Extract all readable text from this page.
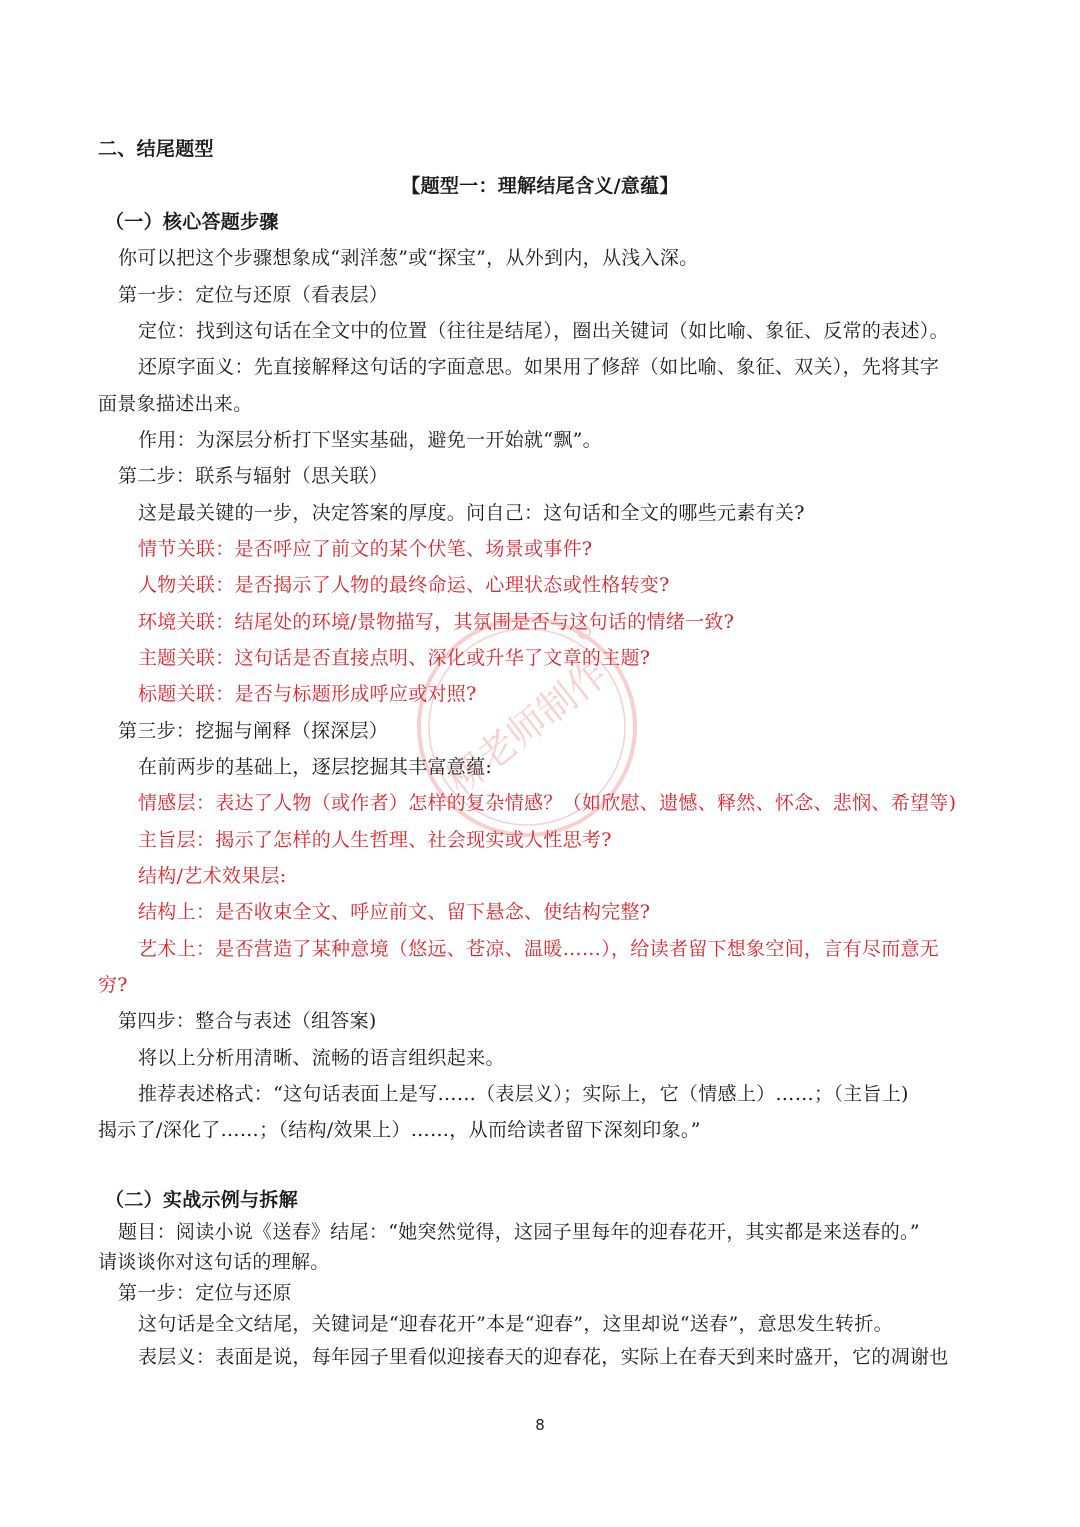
二、结尾题型
【题型一：理解结尾含义/意蕴】
（一）核心答题步骤
你可以把这个步骤想象成“剥洋葱”或“探宝”，从外到内，从浅入深。
第一步：定位与还原（看表层）
定位：找到这句话在全文中的位置（往往是结尾），圈出关键词（如比喻、象征、反常的表述）。
还原字面义：先直接解释这句话的字面意思。如果用了修辞（如比喻、象征、双关），先将其字
面景象描述出来。
作用：为深层分析打下坚实基础，避免一开始就“飘”。
第二步：联系与辐射（思关联）
这是最关键的一步，决定答案的厚度。问自己：这句话和全文的哪些元素有关?
情节关联：是否呼应了前文的某个伏笔、场景或事件?
人物关联：是否揭示了人物的最终命运、心理状态或性格转变?
环境关联：结尾处的环境/景物描写，其氛围是否与这句话的情绪一致?
主题关联：这句话是否直接点明、深化或升华了文章的主题?
标题关联：是否与标题形成呼应或对照?
第三步：挖掘与阐释（探深层）
在前两步的基础上，逐层挖掘其丰富意蕴:
情感层：表达了人物（或作者）怎样的复杂情感？（如欣慰、遗憾、释然、怀念、悲悯、希望等)
主旨层：揭示了怎样的人生哲理、社会现实或人性思考?
结构/艺术效果层:
结构上：是否收束全文、呼应前文、留下悬念、使结构完整?
艺术上：是否营造了某种意境（悠远、苍凉、温暖……），给读者留下想象空间，言有尽而意无
穷?
第四步：整合与表述（组答案)
将以上分析用清晰、流畅的语言组织起来。
推荐表述格式：“这句话表面上是写……（表层义）；实际上，它（情感上）……；（主旨上)
揭示了/深化了……；（结构/效果上）……，从而给读者留下深刻印象。”
（二）实战示例与拆解
题目：阅读小说《送春》结尾：“她突然觉得，这园子里每年的迎春花开，其实都是来送春的。”
请谈谈你对这句话的理解。
第一步：定位与还原
这句话是全文结尾，关键词是“迎春花开”本是“迎春”，这里却说“送春”，意思发生转折。
表层义：表面是说，每年园子里看似迎接春天的迎春花，实际上在春天到来时盛开，它的凋谢也
柳老师制作
8
